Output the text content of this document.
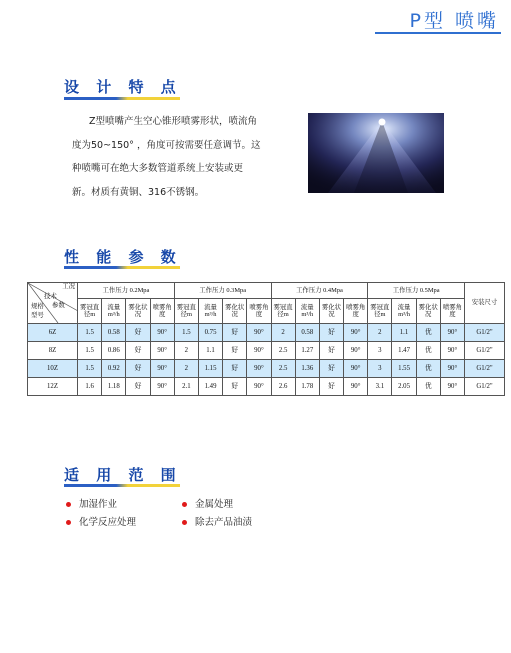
P型 喷嘴
设 计 特 点

Z型喷嘴产生空心锥形喷雾形状，喷流角

度为50~150° ，角度可按需要任意调节。这
种喷嘴可在绝大多数管道系统上安装或更
新。材质有黄铜、316不锈钢。
性 能 参 数
工况
技术
参数
规格
型号	工作压力 0.2Mpa				工作压力 0.3Mpa				工作压力 0.4Mpa				工作压力 0.5Mpa				安装尺寸
	雾冠直径m	流量m³/h	雾化状况	喷雾角度	雾冠直径m	流量m³/h	雾化状况	喷雾角度	雾冠直径m	流量m³/h	雾化状况	喷雾角度	雾冠直径m	流量m³/h	雾化状况	喷雾角度	
6Z	1.5	0.58	好	90°	1.5	0.75	好	90°	2	0.58	好	90°	2	1.1	优	90°	G1/2"
8Z	1.5	0.86	好	90°	2	1.1	好	90°	2.5	1.27	好	90°	3	1.47	优	90°	G1/2"
10Z	1.5	0.92	好	90°	2	1.15	好	90°	2.5	1.36	好	90°	3	1.55	优	90°	G1/2"
12Z	1.6	1.18	好	90°	2.1	1.49	好	90°	2.6	1.78	好	90°	3.1	2.05	优	90°	G1/2"
适 用 范 围
加湿作业	金属处理
化学反应处理	除去产品油渍
